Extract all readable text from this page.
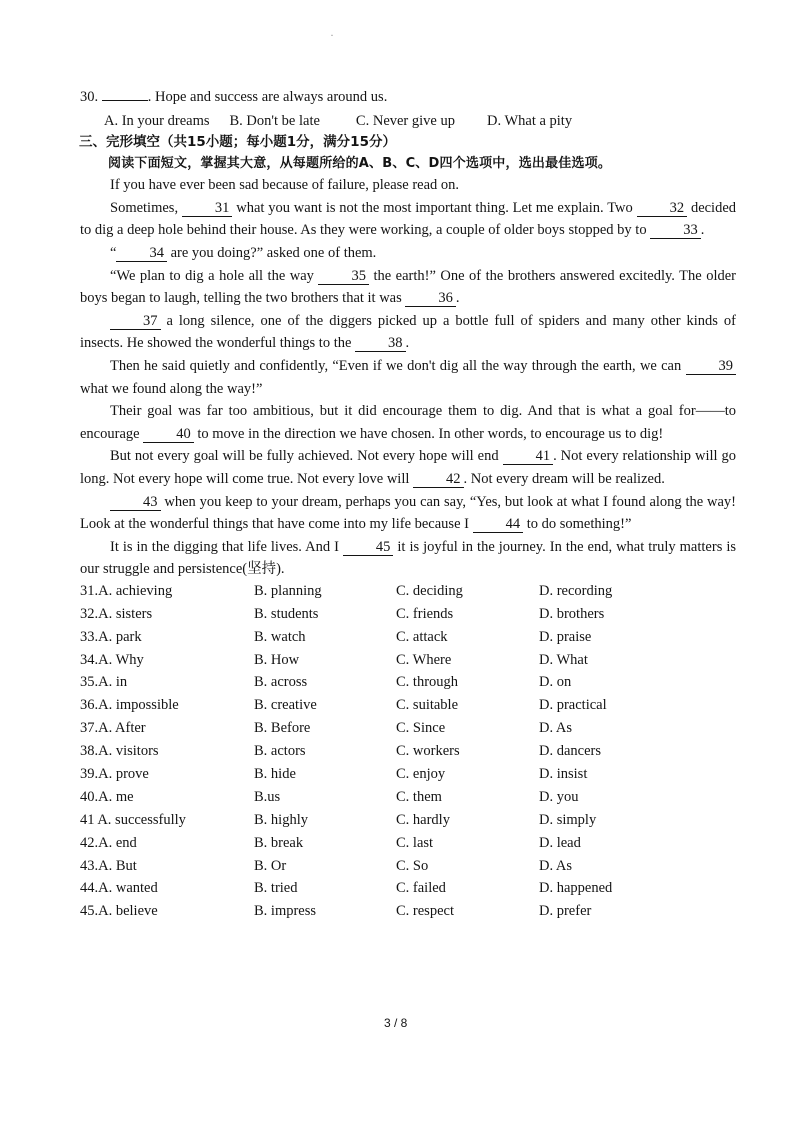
·

30.	. Hope and success are always around us.

A. In your dreams B. Don't be late C. Never give up D. What a pity

三、完形填空（共15小题；每小题1分，满分15分）

阅读下面短文，掌握其大意，从每题所给的A、B、C、D四个选项中，选出最佳选项。

If you have ever been sad because of failure, please read on.

Sometimes,	31 what you want is not the most important thing. Let me explain. Two	32 decided to dig a deep hole behind their house. As they were working, a couple of older boys stopped by to	33 .

“ 34 are you doing?” asked one of them.

“We plan to dig a hole all the way	35 the earth!” One of the brothers answered excitedly. The older boys began to laugh, telling the two brothers that it was	36 .

37 a long silence, one of the diggers picked up a bottle full of spiders and many other kinds of insects. He showed the wonderful things to the	38 .

Then he said quietly and confidently, “Even if we don't dig all the way through the earth, we can	39 what we found along the way!”

Their goal was far too ambitious, but it did encourage them to dig. And that is what a goal for——to encourage	40 to move in the direction we have chosen. In other words, to encourage us to dig!

But not every goal will be fully achieved. Not every hope will end	41 . Not every relationship will go long. Not every hope will come true. Not every love will	42 . Not every dream will be realized.

43 when you keep to your dream, perhaps you can say, “Yes, but look at what I found along the way! Look at the wonderful things that have come into my life because I	44 to do something!”

It is in the digging that life lives. And I	45 it is joyful in the journey. In the end, what truly matters is our struggle and persistence(坚持).

31.A. achieving	B. planning	C. deciding	D. recording
32.A. sisters	B. students	C. friends	D. brothers
33.A. park	B. watch	C. attack	D. praise
34.A. Why	B. How	C. Where	D. What
35.A. in	B. across	C. through	D. on
36.A. impossible	B. creative	C. suitable	D. practical
37.A. After	B. Before	C. Since	D. As
38.A. visitors	B. actors	C. workers	D. dancers
39.A. prove	B. hide	C. enjoy	D. insist
40.A. me	B.us	C. them	D. you
41 A. successfully	B. highly	C. hardly	D. simply
42.A. end	B. break	C. last	D. lead
43.A. But	B. Or	C. So	D. As
44.A. wanted	B. tried	C. failed	D. happened
45.A. believe	B. impress	C. respect	D. prefer
3 / 8
